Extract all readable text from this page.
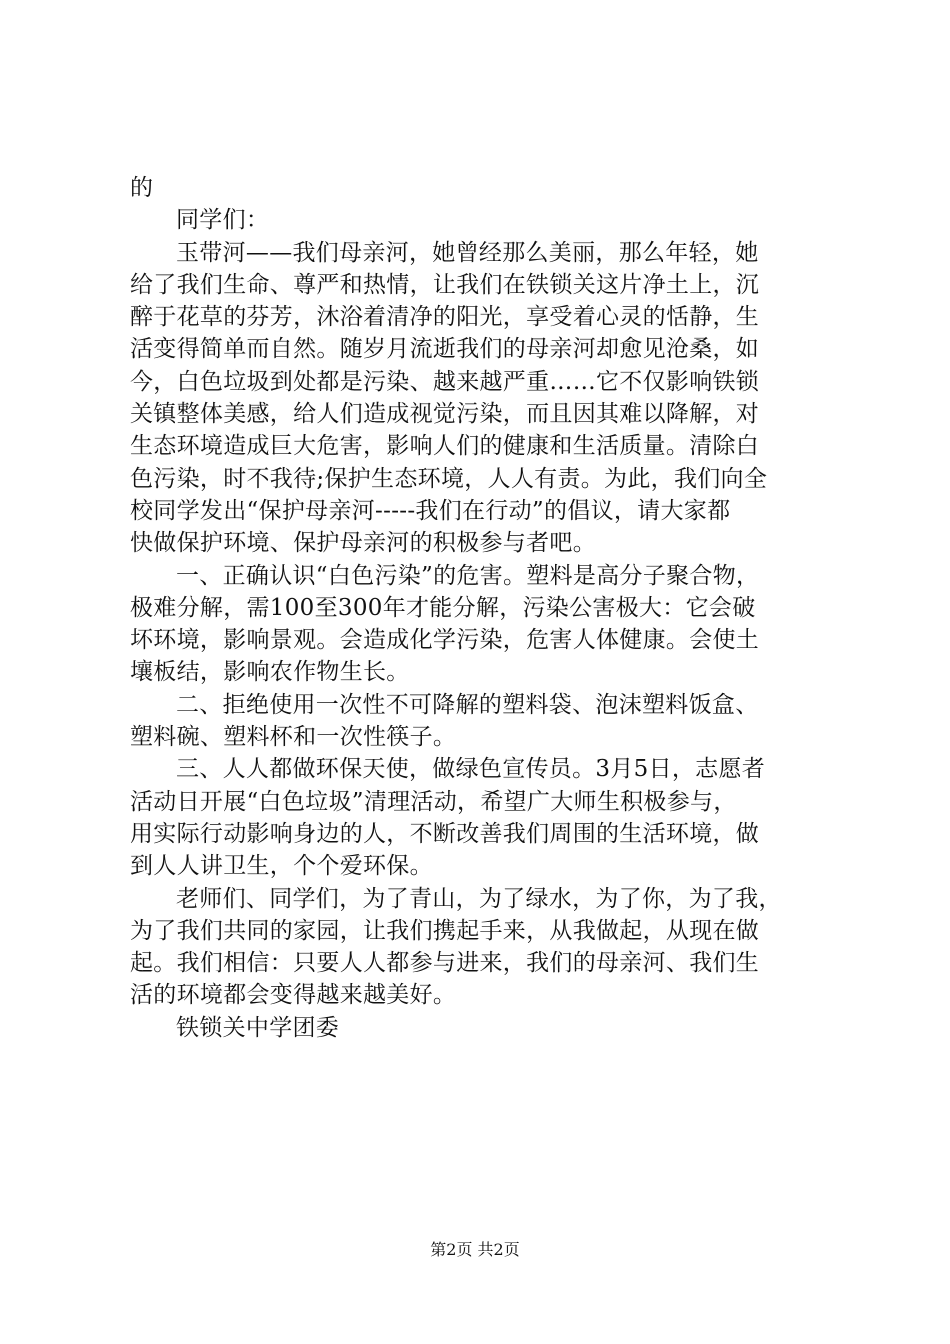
的
同学们：
玉带河——我们母亲河，她曾经那么美丽，那么年轻，她
给了我们生命、尊严和热情，让我们在铁锁关这片净土上，沉
醉于花草的芬芳，沐浴着清净的阳光，享受着心灵的恬静，生
活变得简单而自然。随岁月流逝我们的母亲河却愈见沧桑，如
今，白色垃圾到处都是污染、越来越严重……它不仅影响铁锁
关镇整体美感，给人们造成视觉污染，而且因其难以降解，对
生态环境造成巨大危害，影响人们的健康和生活质量。清除白
色污染，时不我待;保护生态环境，人人有责。为此，我们向全
校同学发出“保护母亲河-----我们在行动”的倡议，请大家都
快做保护环境、保护母亲河的积极参与者吧。
一、正确认识“白色污染”的危害。塑料是高分子聚合物，
极难分解，需100至300年才能分解，污染公害极大：它会破
坏环境，影响景观。会造成化学污染，危害人体健康。会使土
壤板结，影响农作物生长。
二、拒绝使用一次性不可降解的塑料袋、泡沫塑料饭盒、
塑料碗、塑料杯和一次性筷子。
三、人人都做环保天使，做绿色宣传员。3月5日，志愿者
活动日开展“白色垃圾”清理活动，希望广大师生积极参与，
用实际行动影响身边的人，不断改善我们周围的生活环境，做
到人人讲卫生，个个爱环保。
老师们、同学们，为了青山，为了绿水，为了你，为了我，
为了我们共同的家园，让我们携起手来，从我做起，从现在做
起。我们相信：只要人人都参与进来，我们的母亲河、我们生
活的环境都会变得越来越美好。
铁锁关中学团委
第2页 共2页
